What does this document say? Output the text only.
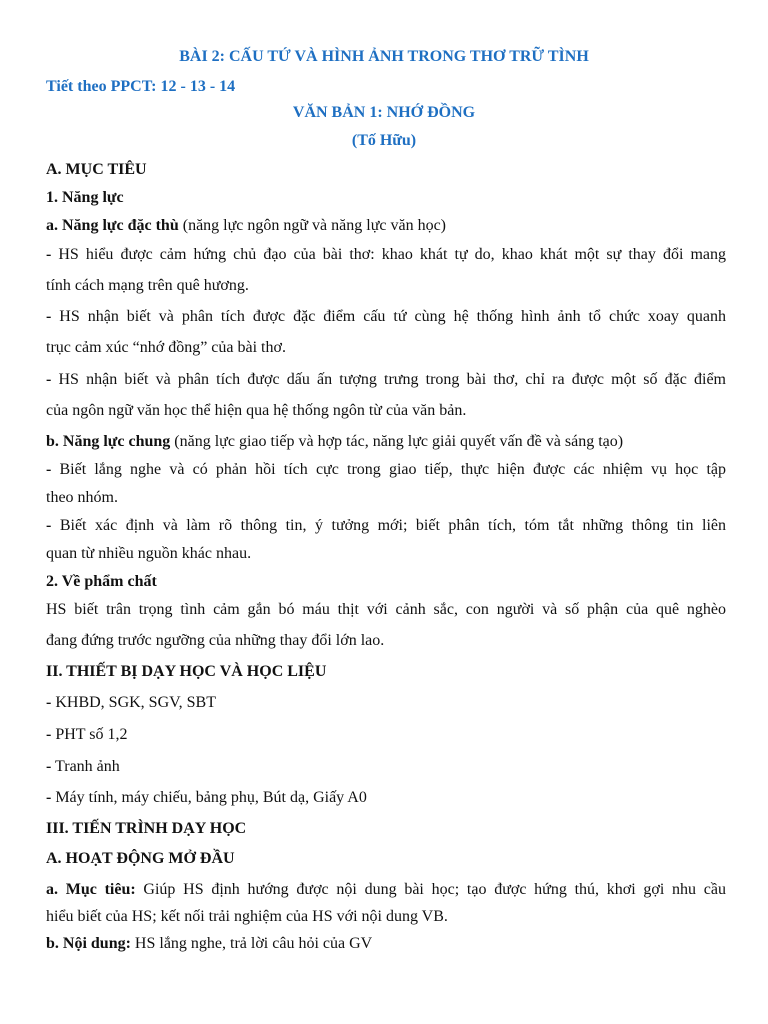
BÀI 2: CẤU TỨ VÀ HÌNH ẢNH TRONG THƠ TRỮ TÌNH
Tiết theo PPCT: 12 - 13 - 14
VĂN BẢN 1: NHỚ ĐỒNG
(Tố Hữu)
A. MỤC TIÊU
1. Năng lực
a. Năng lực đặc thù (năng lực ngôn ngữ và năng lực văn học)
- HS hiểu được cảm hứng chủ đạo của bài thơ: khao khát tự do, khao khát một sự thay đổi mang
tính cách mạng trên quê hương.
- HS nhận biết và phân tích được đặc điểm cấu tứ cùng hệ thống hình ảnh tổ chức xoay quanh
trục cảm xúc “nhớ đồng” của bài thơ.
- HS nhận biết và phân tích được dấu ấn tượng trưng trong bài thơ, chỉ ra được một số đặc điểm
của ngôn ngữ văn học thể hiện qua hệ thống ngôn từ của văn bản.
b. Năng lực chung (năng lực giao tiếp và hợp tác, năng lực giải quyết vấn đề và sáng tạo)
- Biết lắng nghe và có phản hồi tích cực trong giao tiếp, thực hiện được các nhiệm vụ học tập
theo nhóm.
- Biết xác định và làm rõ thông tin, ý tưởng mới; biết phân tích, tóm tắt những thông tin liên
quan từ nhiều nguồn khác nhau.
2. Về phẩm chất
HS biết trân trọng tình cảm gắn bó máu thịt với cảnh sắc, con người và số phận của quê nghèo
đang đứng trước ngưỡng của những thay đổi lớn lao.
II. THIẾT BỊ DẠY HỌC VÀ HỌC LIỆU
- KHBD, SGK, SGV, SBT
- PHT số 1,2
- Tranh ảnh
- Máy tính, máy chiếu, bảng phụ, Bút dạ, Giấy A0
III. TIẾN TRÌNH DẠY HỌC
A. HOẠT ĐỘNG MỞ ĐẦU
a. Mục tiêu: Giúp HS định hướng được nội dung bài học; tạo được hứng thú, khơi gợi nhu cầu
hiểu biết của HS; kết nối trải nghiệm của HS với nội dung VB.
b. Nội dung: HS lắng nghe, trả lời câu hỏi của GV
